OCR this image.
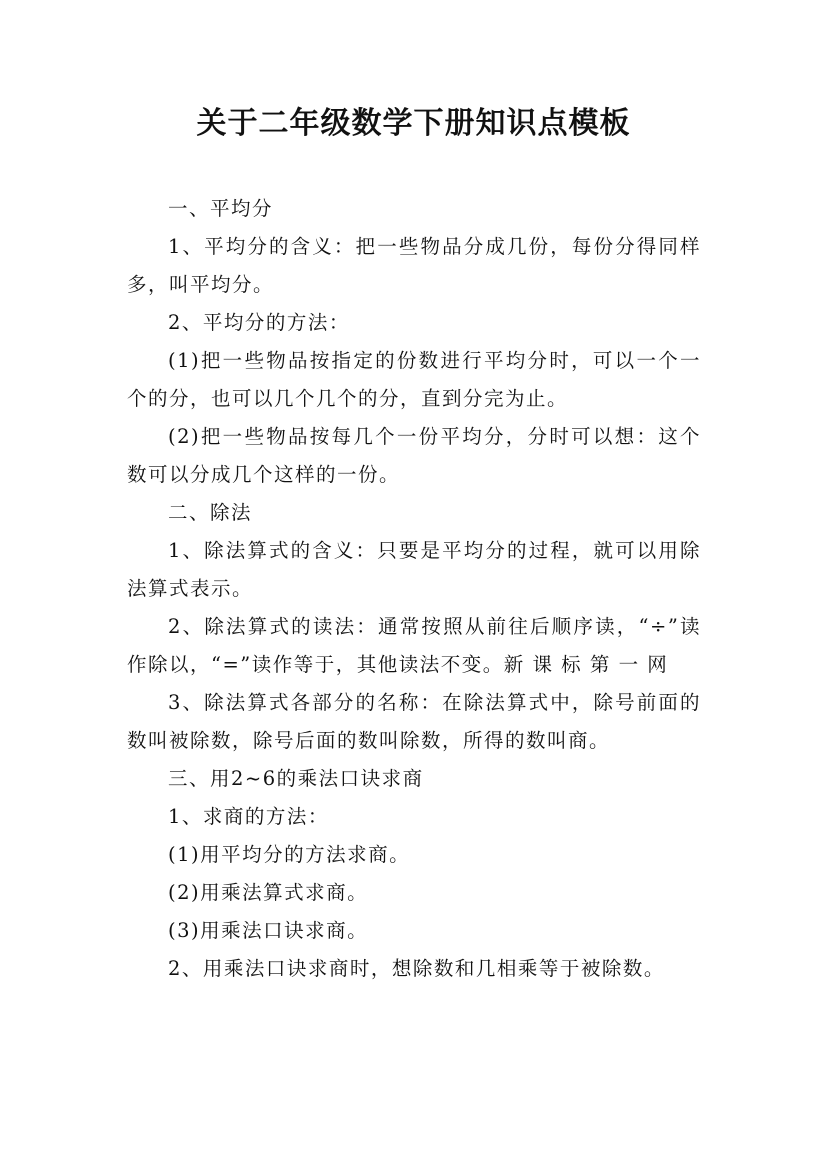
关于二年级数学下册知识点模板

一、平均分

1、平均分的含义：把一些物品分成几份，每份分得同样多，叫平均分。

2、平均分的方法：

(1)把一些物品按指定的份数进行平均分时，可以一个一个的分，也可以几个几个的分，直到分完为止。

(2)把一些物品按每几个一份平均分，分时可以想：这个数可以分成几个这样的一份。

二、除法

1、除法算式的含义：只要是平均分的过程，就可以用除法算式表示。

2、除法算式的读法：通常按照从前往后顺序读，“÷”读作除以，“=”读作等于，其他读法不变。新 课 标 第 一 网

3、除法算式各部分的名称：在除法算式中，除号前面的数叫被除数，除号后面的数叫除数，所得的数叫商。

三、用2~6的乘法口诀求商

1、求商的方法：

(1)用平均分的方法求商。

(2)用乘法算式求商。

(3)用乘法口诀求商。

2、用乘法口诀求商时，想除数和几相乘等于被除数。
